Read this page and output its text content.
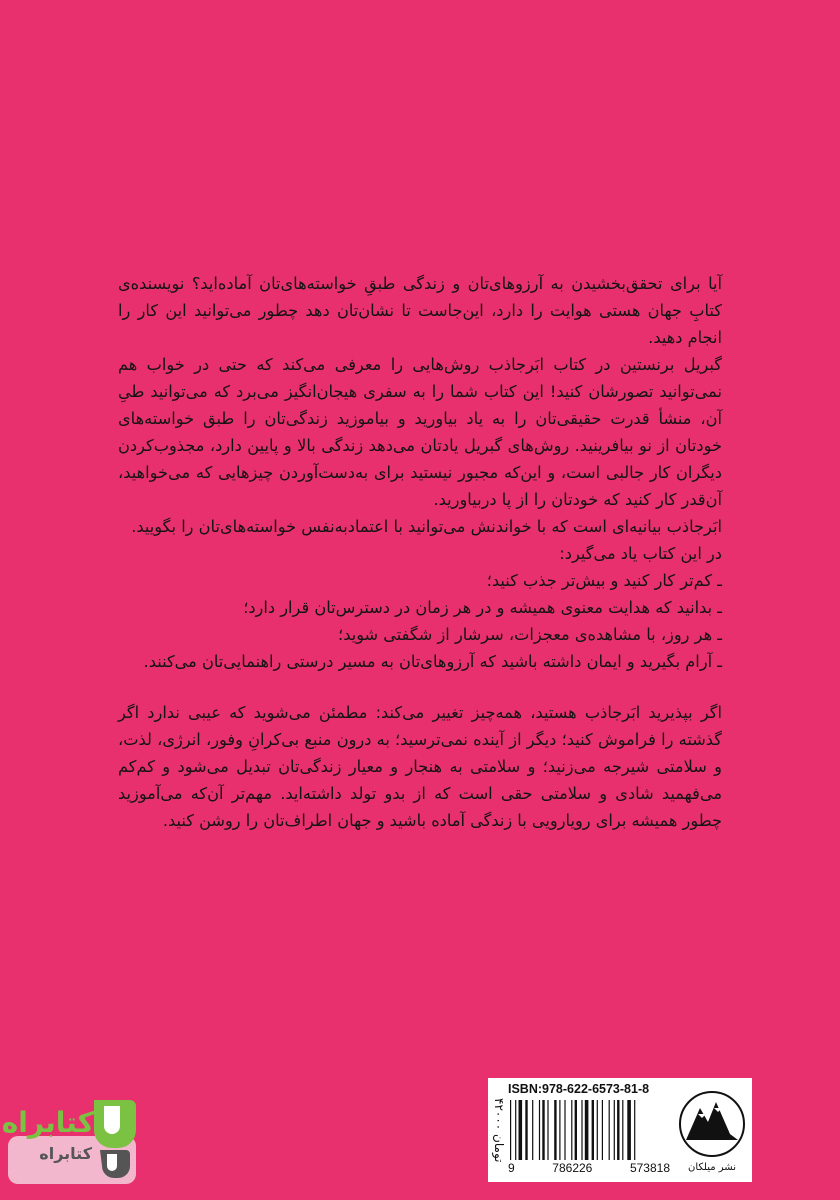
آیا برای تحقق‌بخشیدن به آرزوهای‌تان و زندگی طبقِ خواسته‌های‌تان آماده‌اید؟ نویسنده‌ی کتابِ جهان هستی هوایت را دارد، این‌جاست تا نشان‌تان دهد چطور می‌توانید این کار را انجام دهید.

گبریل برنستین در کتاب ابَرجاذب روش‌هایی را معرفی می‌کند که حتی در خواب هم نمی‌توانید تصورشان کنید! این کتاب شما را به سفری هیجان‌انگیز می‌برد که می‌توانید طیِ آن، منشأ قدرت حقیقی‌تان را به یاد بیاورید و بیاموزید زندگی‌تان را طبق خواسته‌های خودتان از نو بیافرینید. روش‌های گبریل یادتان می‌دهد زندگی بالا و پایین دارد، مجذوب‌کردن دیگران کار جالبی است، و این‌که مجبور نیستید برای به‌دست‌آوردن چیزهایی که می‌خواهید، آن‌قدر کار کنید که خودتان را از پا دربیاورید.

ابَرجاذب بیانیه‌ای است که با خواندنش می‌توانید با اعتمادبه‌نفس خواسته‌های‌تان را بگویید.

در این کتاب یاد می‌گیرد:

ـ کم‌تر کار کنید و بیش‌تر جذب کنید؛

ـ بدانید که هدایت معنوی همیشه و در هر زمان در دسترس‌تان قرار دارد؛

ـ هر روز، با مشاهده‌ی معجزات، سرشار از شگفتی شوید؛

ـ آرام بگیرید و ایمان داشته باشید که آرزوهای‌تان به مسیر درستی راهنمایی‌تان می‌کنند.

اگر بپذیرید ابَرجاذب هستید، همه‌چیز تغییر می‌کند: مطمئن می‌شوید که عیبی ندارد اگر گذشته را فراموش کنید؛ دیگر از آینده نمی‌ترسید؛ به درون منبع بی‌کرانِ وفور، انرژی، لذت، و سلامتی شیرجه می‌زنید؛ و سلامتی به هنجار و معیار زندگی‌تان تبدیل می‌شود و کم‌کم می‌فهمید شادی و سلامتی حقی است که از بدو تولد داشته‌اید. مهم‌تر آن‌که می‌آموزید چطور همیشه برای رویارویی با زندگی آماده باشید و جهان اطراف‌تان را روشن کنید.

۴۲۰۰۰ تومان
ISBN:978-622-6573-81-8
9	786226	573818	نشر میلکان
کتابراه
کتابراه
